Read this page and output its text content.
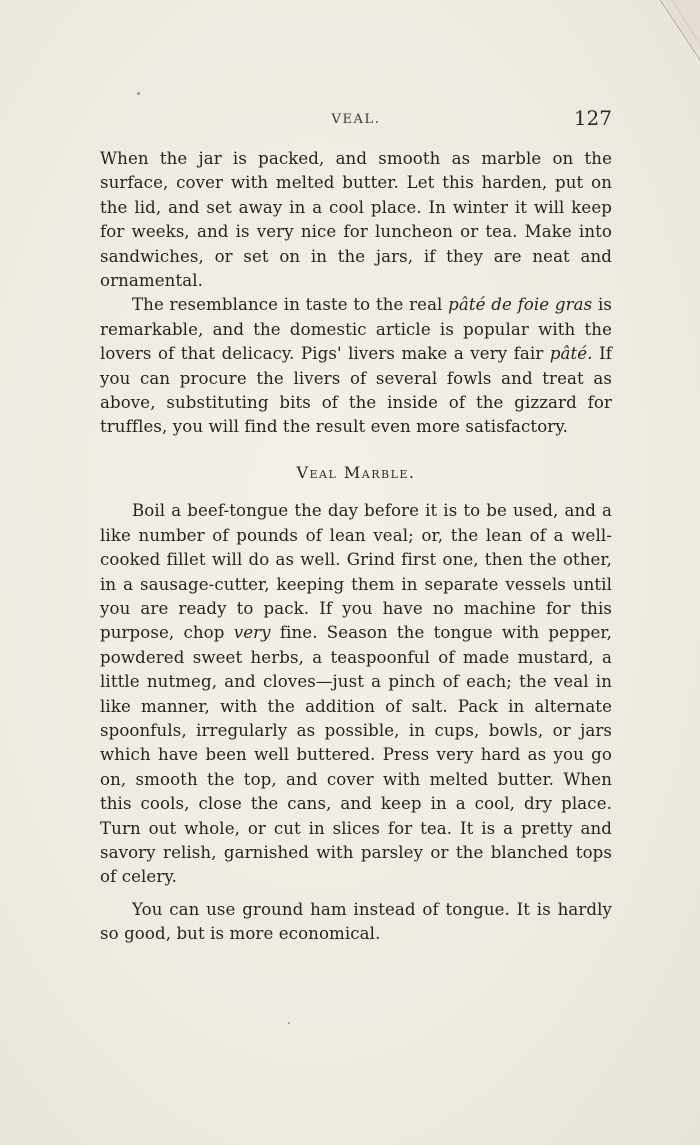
VEAL.	127

When the jar is packed, and smooth as marble on the surface, cover with melted butter. Let this harden, put on the lid, and set away in a cool place. In winter it will keep for weeks, and is very nice for luncheon or tea. Make into sandwiches, or set on in the jars, if they are neat and ornamental.

The resemblance in taste to the real pâté de foie gras is remarkable, and the domestic article is popular with the lovers of that delicacy. Pigs' livers make a very fair pâté. If you can procure the livers of several fowls and treat as above, substituting bits of the inside of the gizzard for truffles, you will find the result even more satisfactory.

Veal Marble.

Boil a beef-tongue the day before it is to be used, and a like number of pounds of lean veal; or, the lean of a well-cooked fillet will do as well. Grind first one, then the other, in a sausage-cutter, keeping them in separate vessels until you are ready to pack. If you have no machine for this purpose, chop very fine. Season the tongue with pepper, powdered sweet herbs, a teaspoonful of made mustard, a little nutmeg, and cloves—just a pinch of each; the veal in like manner, with the addition of salt. Pack in alternate spoonfuls, irregularly as possible, in cups, bowls, or jars which have been well buttered. Press very hard as you go on, smooth the top, and cover with melted butter. When this cools, close the cans, and keep in a cool, dry place. Turn out whole, or cut in slices for tea. It is a pretty and savory relish, garnished with parsley or the blanched tops of celery.

You can use ground ham instead of tongue. It is hardly so good, but is more economical.
